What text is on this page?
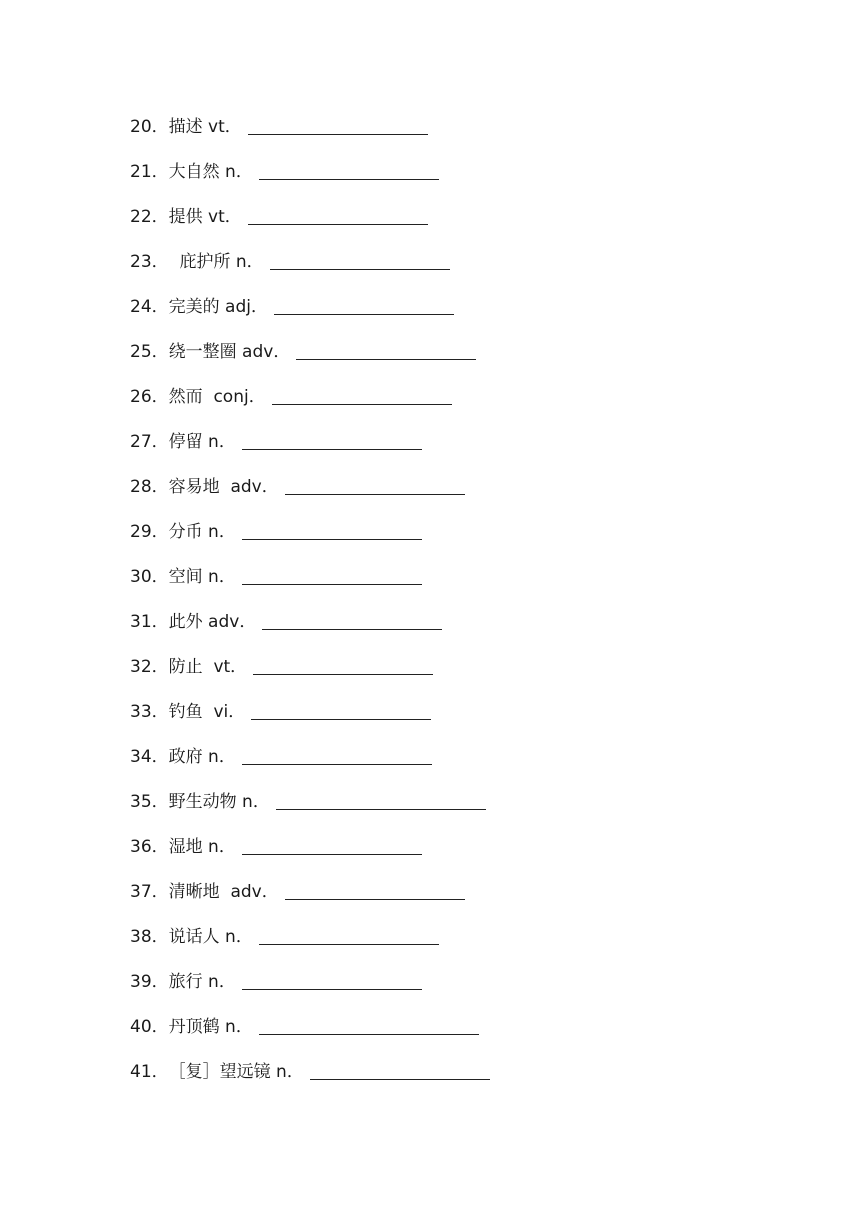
20． 描述 vt．
21． 大自然 n．
22． 提供 vt．
23． 庇护所 n．
24． 完美的 adj．
25． 绕一整圈 adv．
26． 然而  conj．
27． 停留 n．
28． 容易地  adv．
29． 分币 n．
30． 空间 n．
31． 此外 adv．
32． 防止  vt．
33． 钓鱼  vi．
34． 政府 n．
35． 野生动物 n．
36． 湿地 n．
37． 清晰地  adv．
38． 说话人 n．
39． 旅行 n．
40． 丹顶鹤 n．
41． ［复］望远镜 n．
